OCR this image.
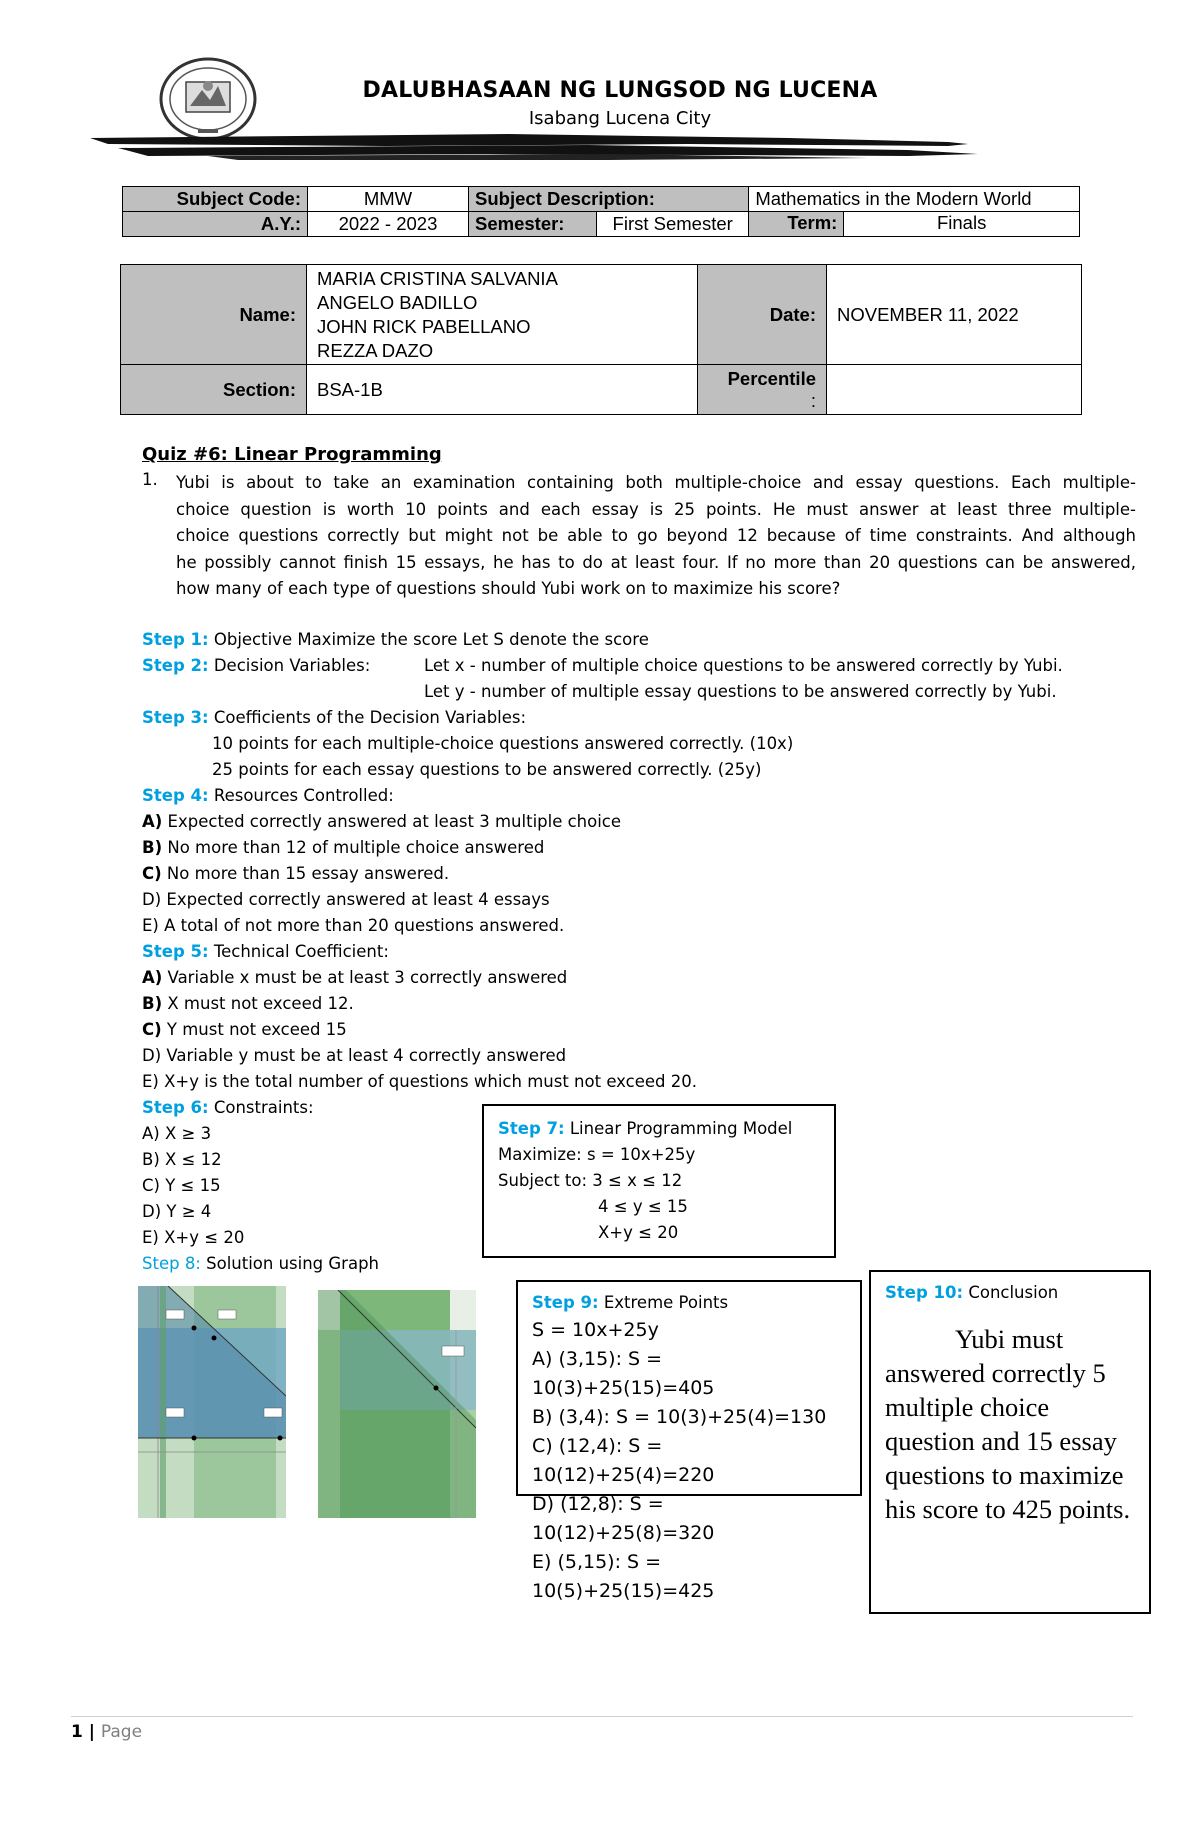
DALUBHASAAN NG LUNGSOD NG LUCENA
Isabang Lucena City
Subject Code:	MMW	Subject Description:		Mathematics in the Modern World
A.Y.:	2022 - 2023	Semester:	First Semester	Term: Finals
Name:	MARIA CRISTINA SALVANIA
ANGELO BADILLO
JOHN RICK PABELLANO
REZZA DAZO	Date:	NOVEMBER 11, 2022
Section:	BSA-1B	Percentile
:	

Quiz #6: Linear Programming
1. Yubi is about to take an examination containing both multiple-choice and essay questions. Each multiple-
choice question is worth 10 points and each essay is 25 points. He must answer at least three multiple-
choice questions correctly but might not be able to go beyond 12 because of time constraints. And although
he possibly cannot finish 15 essays, he has to do at least four. If no more than 20 questions can be answered,
how many of each type of questions should Yubi work on to maximize his score?
Step 1: Objective Maximize the score Let S denote the score
Step 2: Decision Variables:	Let x - number of multiple choice questions to be answered correctly by Yubi.
Let y - number of multiple essay questions to be answered correctly by Yubi.
Step 3: Coefficients of the Decision Variables:
10 points for each multiple-choice questions answered correctly. (10x)
25 points for each essay questions to be answered correctly. (25y)
Step 4: Resources Controlled:
A) Expected correctly answered at least 3 multiple choice
B) No more than 12 of multiple choice answered
C) No more than 15 essay answered.
D) Expected correctly answered at least 4 essays
E) A total of not more than 20 questions answered.
Step 5: Technical Coefficient:
A) Variable x must be at least 3 correctly answered
B) X must not exceed 12.
C) Y must not exceed 15
D) Variable y must be at least 4 correctly answered
E) X+y is the total number of questions which must not exceed 20.
Step 6: Constraints:
A) X ≥ 3
B) X ≤ 12
C) Y ≤ 15
D) Y ≥ 4
E) X+y ≤ 20
Step 8: Solution using Graph
Step 7: Linear Programming Model
Maximize: s = 10x+25y
Subject to: 3 ≤ x ≤ 12
4 ≤ y ≤ 15
X+y ≤ 20
Step 9: Extreme Points
S = 10x+25y
A) (3,15): S = 10(3)+25(15)=405
B) (3,4): S = 10(3)+25(4)=130
C) (12,4): S = 10(12)+25(4)=220
D) (12,8): S = 10(12)+25(8)=320
E) (5,15): S = 10(5)+25(15)=425
Step 10: Conclusion
Yubi must answered correctly 5 multiple choice question and 15 essay questions to maximize his score to 425 points.
1 | Page
